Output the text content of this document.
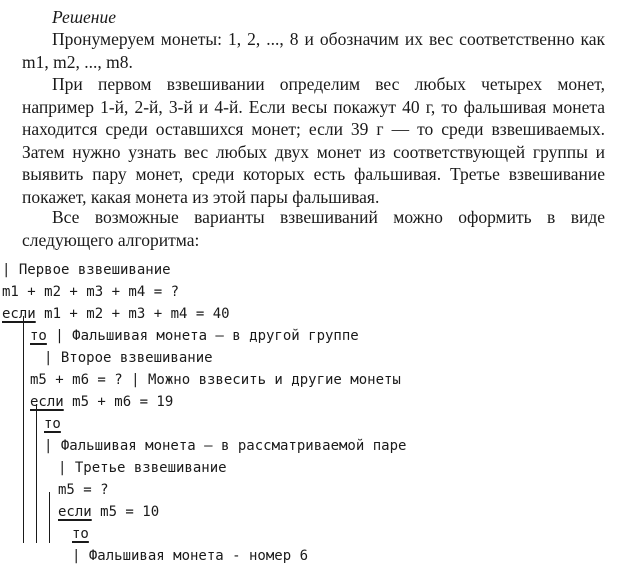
Решение
Пронумеруем монеты: 1, 2, ..., 8 и обозначим их вес соответственно как m1, m2, ..., m8.
При первом взвешивании определим вес любых четырех монет, например 1-й, 2-й, 3-й и 4-й. Если весы покажут 40 г, то фальшивая монета находится среди оставшихся монет; если 39 г — то среди взвешиваемых. Затем нужно узнать вес любых двух монет из соответствующей группы и выявить пару монет, среди которых есть фальшивая. Третье взвешивание покажет, какая монета из этой пары фальшивая.
Все возможные варианты взвешиваний можно оформить в виде следующего алгоритма:
| Первое взвешивание
m1 + m2 + m3 + m4 = ?
если m1 + m2 + m3 + m4 = 40
то | Фальшивая монета – в другой группе
| Второе взвешивание
m5 + m6 = ? | Можно взвесить и другие монеты
если m5 + m6 = 19
то
| Фальшивая монета — в рассматриваемой паре
| Третье взвешивание
m5 = ?
если m5 = 10
то
| Фальшивая монета - номер 6
